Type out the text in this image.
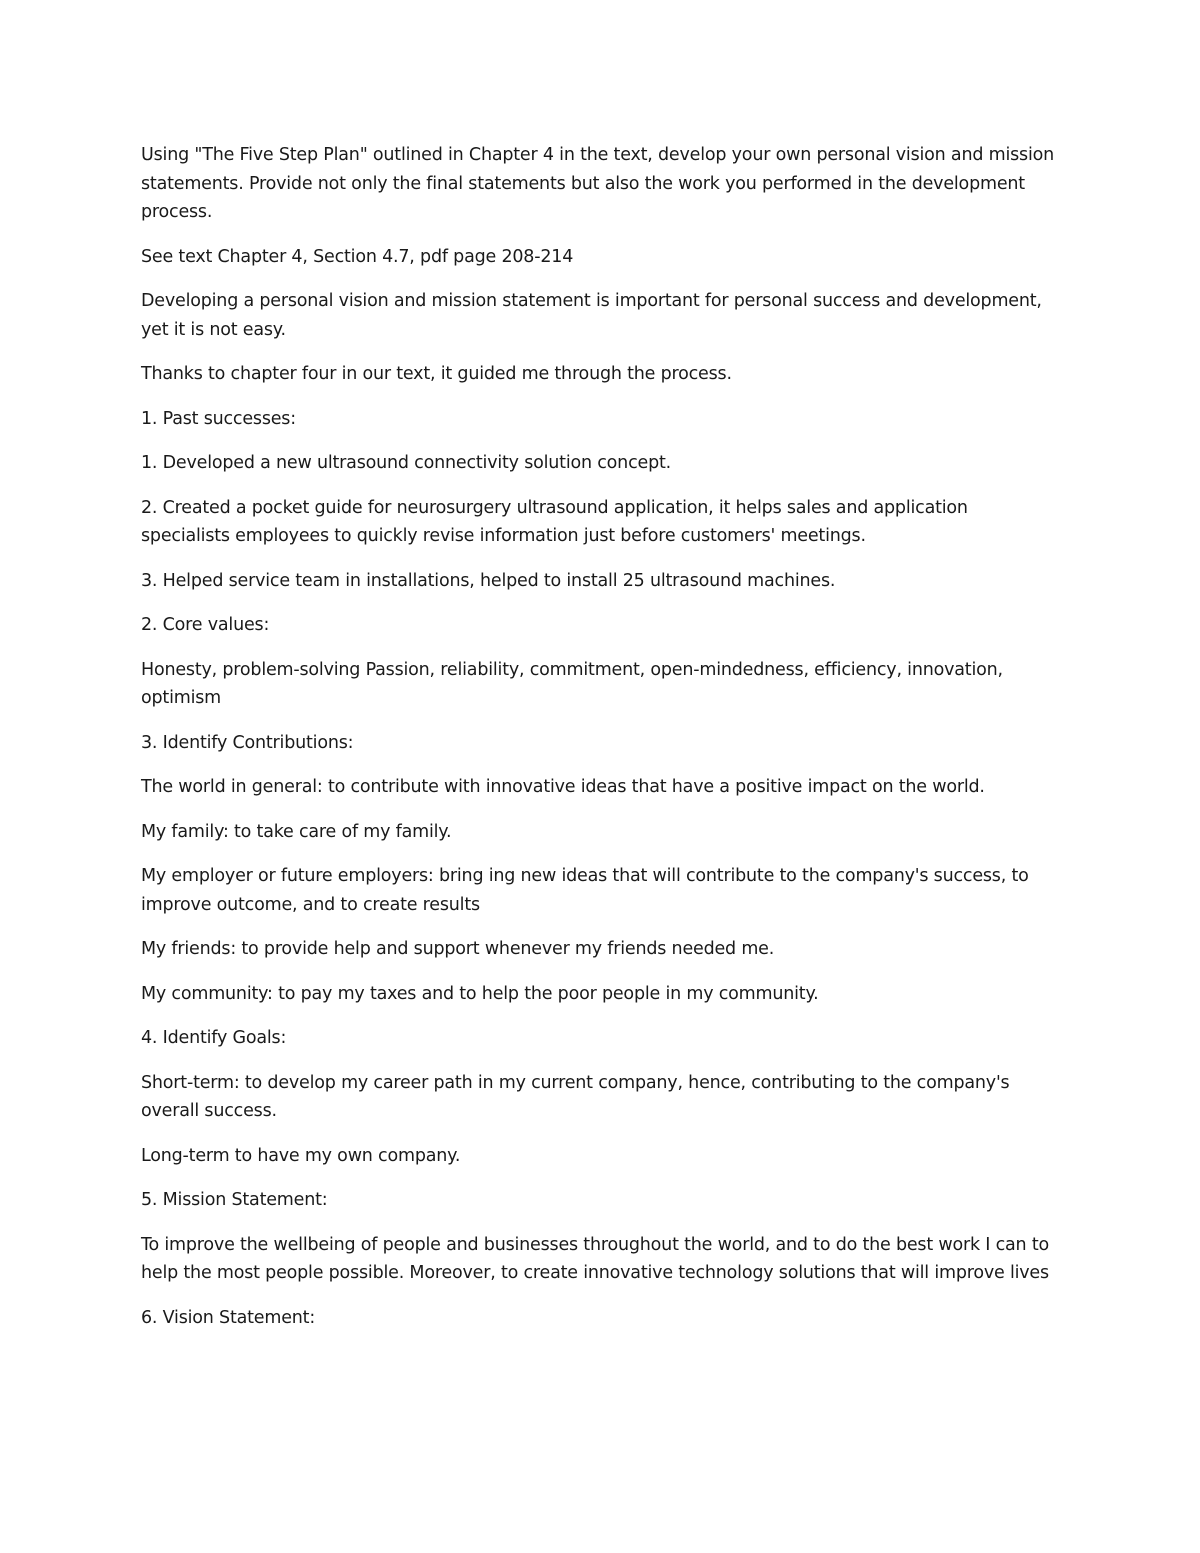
Using "The Five Step Plan" outlined in Chapter 4 in the text, develop your own personal vision and mission statements. Provide not only the final statements but also the work you performed in the development process.

See text Chapter 4, Section 4.7, pdf page 208-214

Developing a personal vision and mission statement is important for personal success and development, yet it is not easy.

Thanks to chapter four in our text, it guided me through the process.

1. Past successes:

1. Developed a new ultrasound connectivity solution concept.

2. Created a pocket guide for neurosurgery ultrasound application, it helps sales and application specialists employees to quickly revise information just before customers' meetings.

3. Helped service team in installations, helped to install 25 ultrasound machines.

2. Core values:

Honesty, problem-solving Passion, reliability, commitment, open-mindedness, efficiency, innovation, optimism

3. Identify Contributions:

The world in general: to contribute with innovative ideas that have a positive impact on the world.

My family: to take care of my family.

My employer or future employers: bring ing new ideas that will contribute to the company's success, to improve outcome, and to create results

My friends: to provide help and support whenever my friends needed me.

My community: to pay my taxes and to help the poor people in my community.

4. Identify Goals:

Short-term: to develop my career path in my current company, hence, contributing to the company's overall success.

Long-term to have my own company.

5. Mission Statement:

To improve the wellbeing of people and businesses throughout the world, and to do the best work I can to help the most people possible. Moreover, to create innovative technology solutions that will improve lives

6. Vision Statement:
